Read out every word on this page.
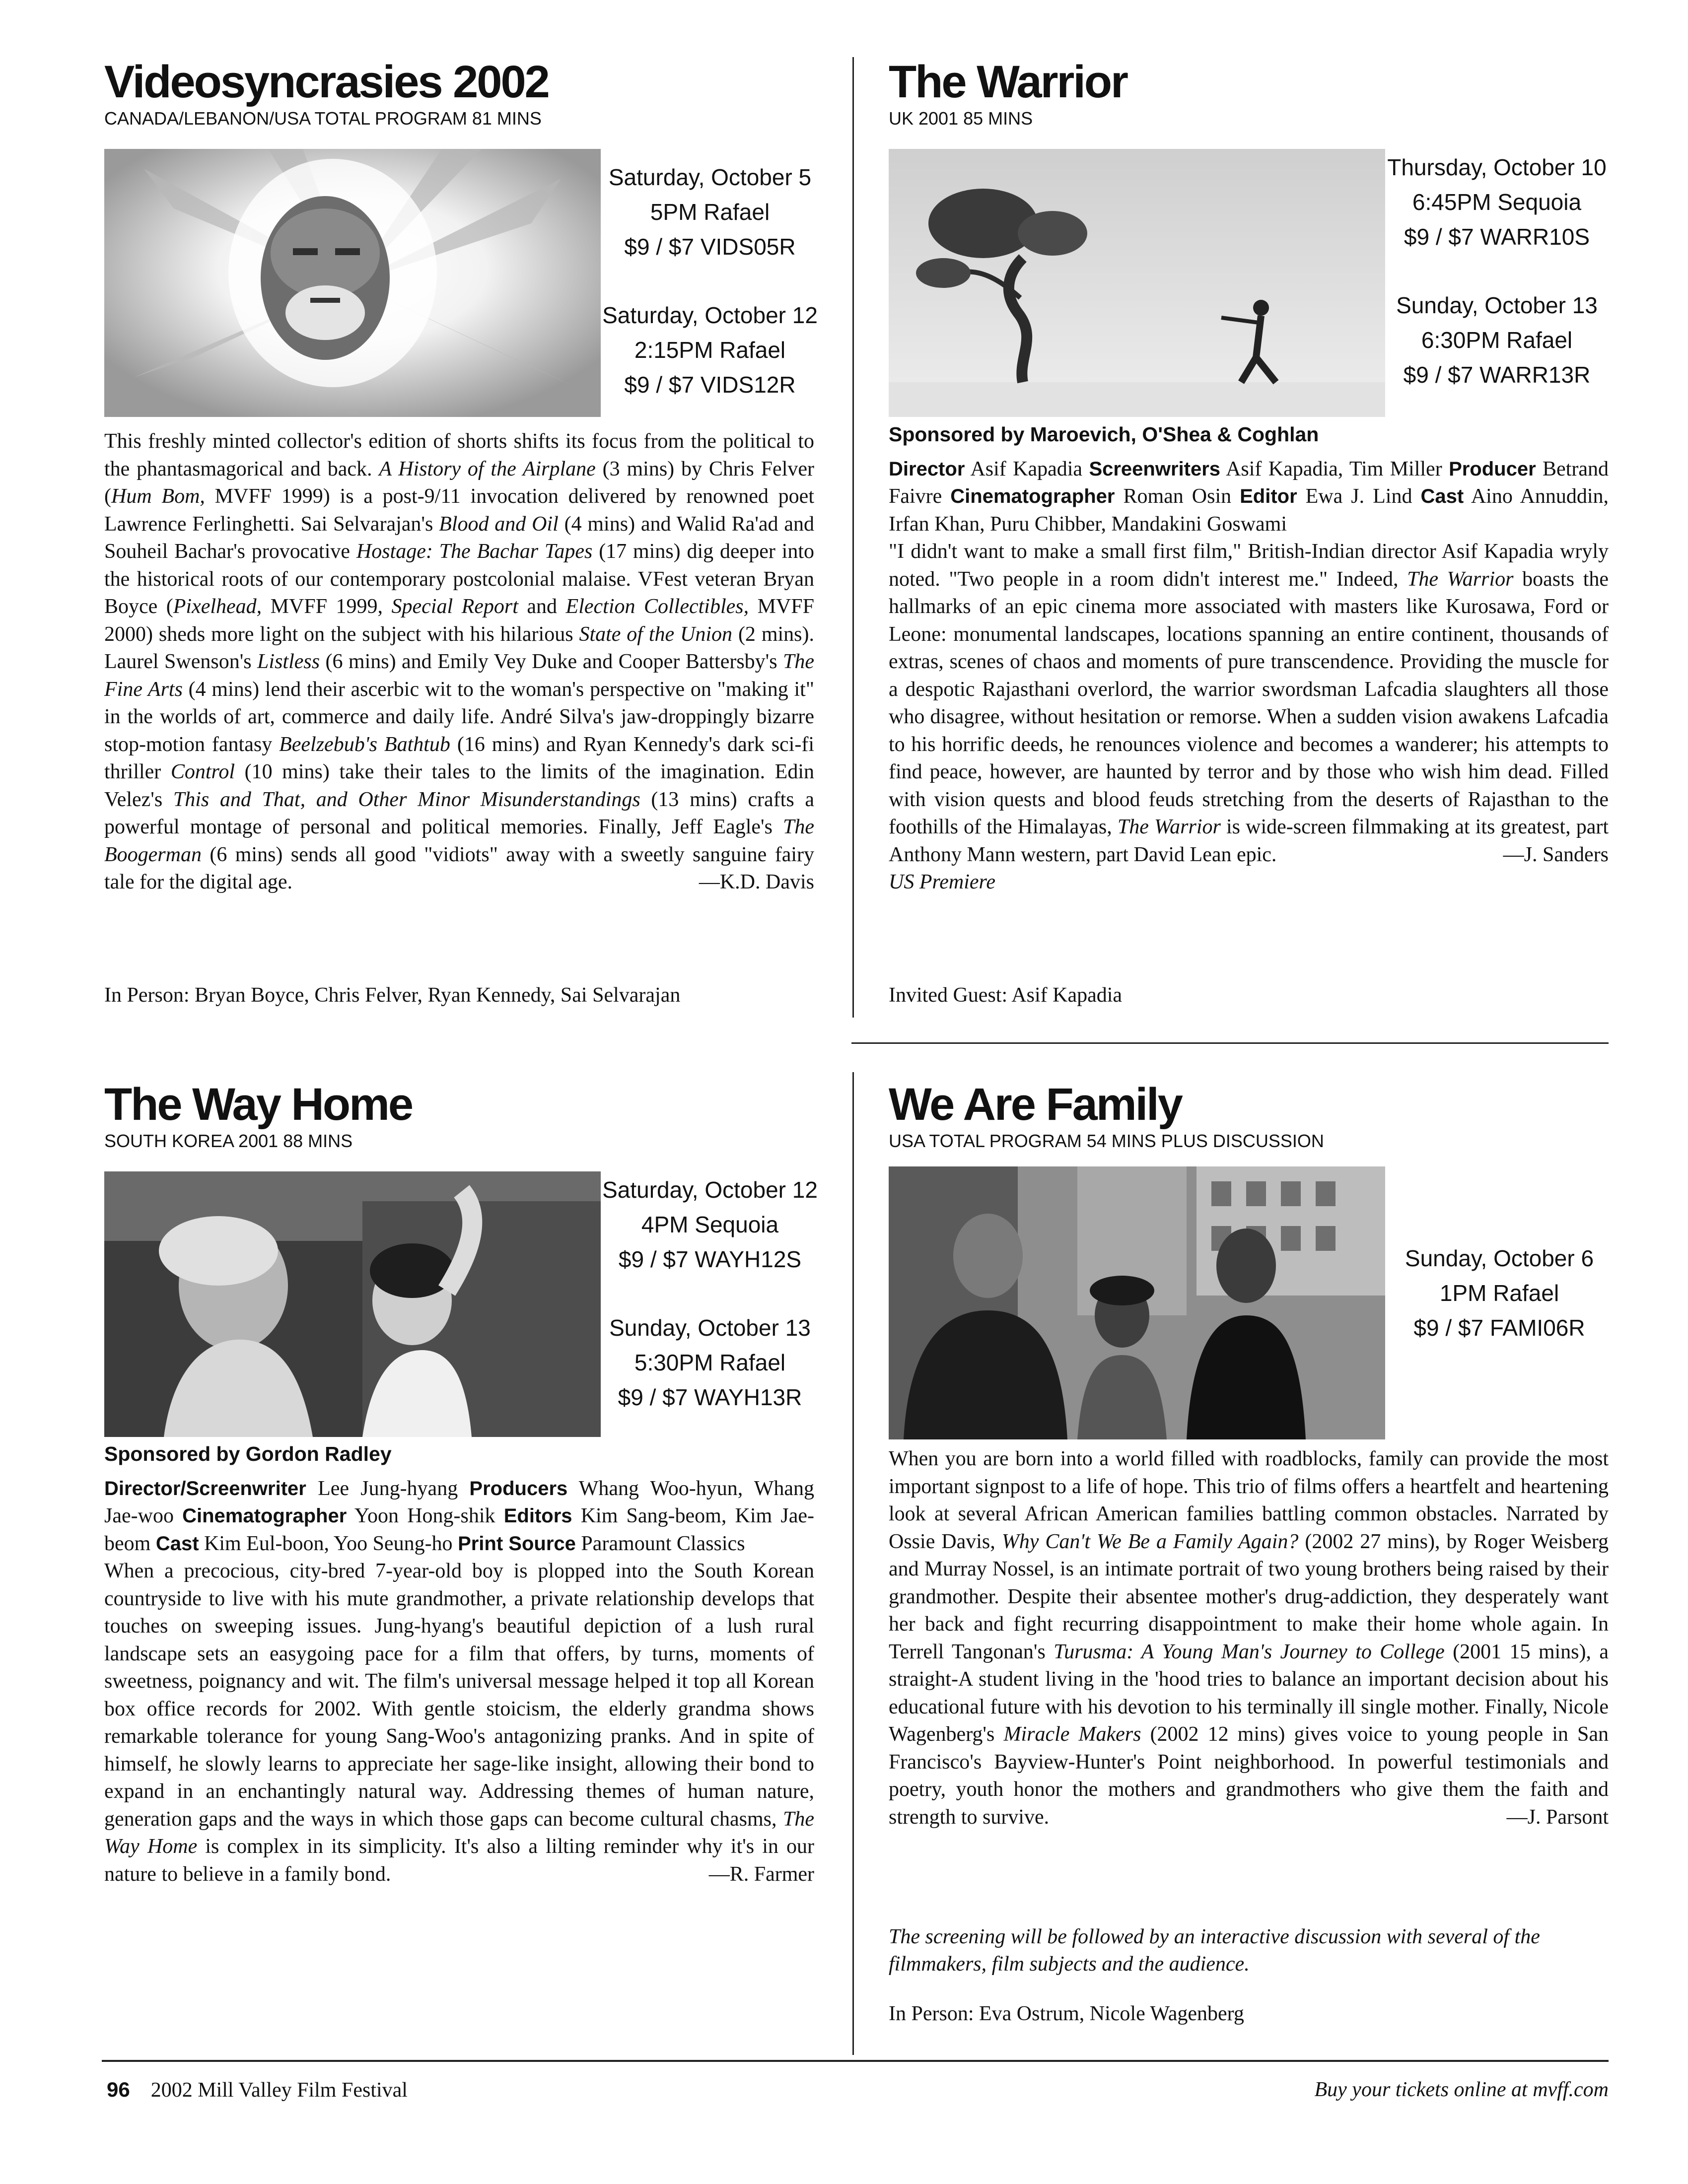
Videosyncrasies 2002
CANADA/LEBANON/USA TOTAL PROGRAM 81 MINS
Saturday, October 5
5PM Rafael
$9 / $7 VIDS05R
Saturday, October 12
2:15PM Rafael
$9 / $7 VIDS12R

This freshly minted collector's edition of shorts shifts its focus from the political to the phantasmagorical and back. A History of the Airplane (3 mins) by Chris Felver (Hum Bom, MVFF 1999) is a post-9/11 invocation delivered by renowned poet Lawrence Ferlinghetti. Sai Selvarajan's Blood and Oil (4 mins) and Walid Ra'ad and Souheil Bachar's provocative Hostage: The Bachar Tapes (17 mins) dig deeper into the historical roots of our contemporary postcolonial malaise. VFest veteran Bryan Boyce (Pixelhead, MVFF 1999, Special Report and Election Collectibles, MVFF 2000) sheds more light on the subject with his hilarious State of the Union (2 mins). Laurel Swenson's Listless (6 mins) and Emily Vey Duke and Cooper Battersby's The Fine Arts (4 mins) lend their ascerbic wit to the woman's perspective on "making it" in the worlds of art, commerce and daily life. André Silva's jaw-droppingly bizarre stop-motion fantasy Beelzebub's Bathtub (16 mins) and Ryan Kennedy's dark sci-fi thriller Control (10 mins) take their tales to the limits of the imagination. Edin Velez's This and That, and Other Minor Misunderstandings (13 mins) crafts a powerful montage of personal and political memories. Finally, Jeff Eagle's The Boogerman (6 mins) sends all good "vidiots" away with a sweetly sanguine fairy tale for the digital age.	—K.D. Davis

In Person: Bryan Boyce, Chris Felver, Ryan Kennedy, Sai Selvarajan
The Warrior
UK 2001 85 MINS
Thursday, October 10
6:45PM Sequoia
$9 / $7 WARR10S
Sunday, October 13
6:30PM Rafael
$9 / $7 WARR13R
Sponsored by Maroevich, O'Shea & Coghlan

Director Asif Kapadia Screenwriters Asif Kapadia, Tim Miller Producer Betrand Faivre Cinematographer Roman Osin Editor Ewa J. Lind Cast Aino Annuddin, Irfan Khan, Puru Chibber, Mandakini Goswami

"I didn't want to make a small first film," British-Indian director Asif Kapadia wryly noted. "Two people in a room didn't interest me." Indeed, The Warrior boasts the hallmarks of an epic cinema more associated with masters like Kurosawa, Ford or Leone: monumental landscapes, locations spanning an entire continent, thousands of extras, scenes of chaos and moments of pure transcendence. Providing the muscle for a despotic Rajasthani overlord, the warrior swordsman Lafcadia slaughters all those who disagree, without hesitation or remorse. When a sudden vision awakens Lafcadia to his horrific deeds, he renounces violence and becomes a wanderer; his attempts to find peace, however, are haunted by terror and by those who wish him dead. Filled with vision quests and blood feuds stretching from the deserts of Rajasthan to the foothills of the Himalayas, The Warrior is wide-screen filmmaking at its greatest, part Anthony Mann western, part David Lean epic.	—J. Sanders

US Premiere

Invited Guest: Asif Kapadia
The Way Home
SOUTH KOREA 2001 88 MINS
Saturday, October 12
4PM Sequoia
$9 / $7 WAYH12S
Sunday, October 13
5:30PM Rafael
$9 / $7 WAYH13R
Sponsored by Gordon Radley

Director/Screenwriter Lee Jung-hyang Producers Whang Woo-hyun, Whang Jae-woo Cinematographer Yoon Hong-shik Editors Kim Sang-beom, Kim Jae-beom Cast Kim Eul-boon, Yoo Seung-ho Print Source Paramount Classics

When a precocious, city-bred 7-year-old boy is plopped into the South Korean countryside to live with his mute grandmother, a private relationship develops that touches on sweeping issues. Jung-hyang's beautiful depiction of a lush rural landscape sets an easygoing pace for a film that offers, by turns, moments of sweetness, poignancy and wit. The film's universal message helped it top all Korean box office records for 2002. With gentle stoicism, the elderly grandma shows remarkable tolerance for young Sang-Woo's antagonizing pranks. And in spite of himself, he slowly learns to appreciate her sage-like insight, allowing their bond to expand in an enchantingly natural way. Addressing themes of human nature, generation gaps and the ways in which those gaps can become cultural chasms, The Way Home is complex in its simplicity. It's also a lilting reminder why it's in our nature to believe in a family bond.	—R. Farmer

We Are Family
USA TOTAL PROGRAM 54 MINS PLUS DISCUSSION
Sunday, October 6
1PM Rafael
$9 / $7 FAMI06R

When you are born into a world filled with roadblocks, family can provide the most important signpost to a life of hope. This trio of films offers a heartfelt and heartening look at several African American families battling common obstacles. Narrated by Ossie Davis, Why Can't We Be a Family Again? (2002 27 mins), by Roger Weisberg and Murray Nossel, is an intimate portrait of two young brothers being raised by their grandmother. Despite their absentee mother's drug-addiction, they desperately want her back and fight recurring disappointment to make their home whole again. In Terrell Tangonan's Turusma: A Young Man's Journey to College (2001 15 mins), a straight-A student living in the 'hood tries to balance an important decision about his educational future with his devotion to his terminally ill single mother. Finally, Nicole Wagenberg's Miracle Makers (2002 12 mins) gives voice to young people in San Francisco's Bayview-Hunter's Point neighborhood. In powerful testimonials and poetry, youth honor the mothers and grandmothers who give them the faith and strength to survive.	—J. Parsont

The screening will be followed by an interactive discussion with several of the filmmakers, film subjects and the audience.
In Person: Eva Ostrum, Nicole Wagenberg
96 2002 Mill Valley Film Festival	Buy your tickets online at mvff.com
